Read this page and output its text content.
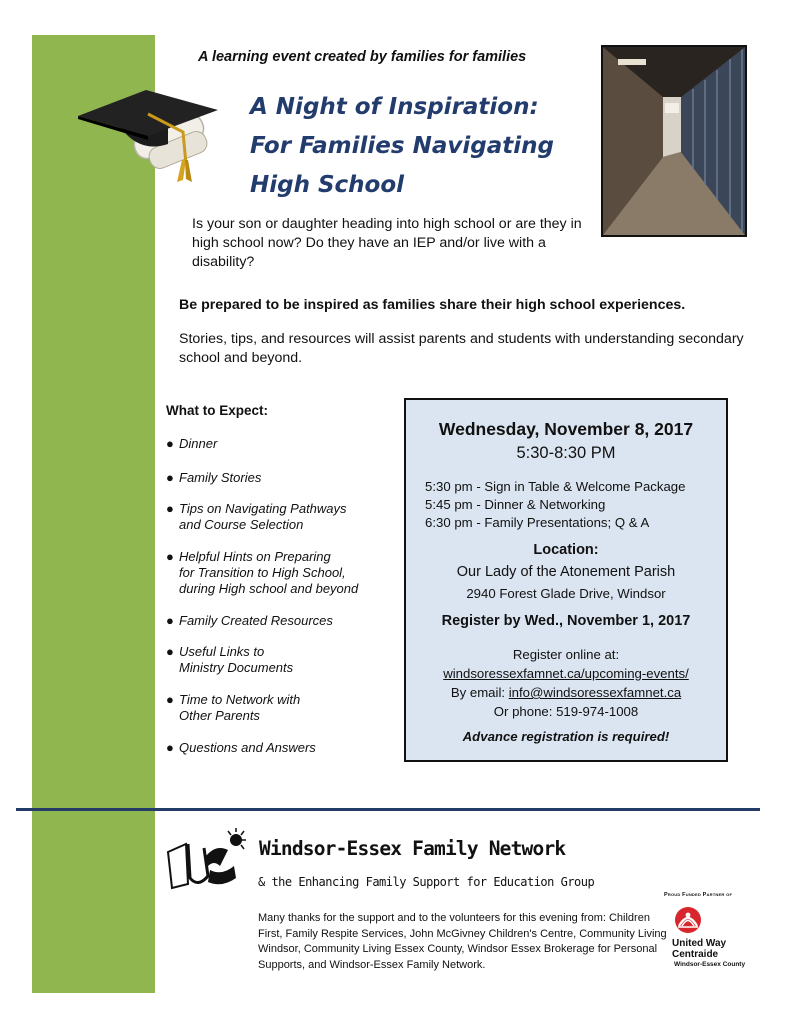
A learning event created by families for families
A Night of Inspiration:
For Families Navigating
High School
Is your son or daughter heading into high school or are they in high school now? Do they have an IEP and/or live with a disability?
Be prepared to be inspired as families share their high school experiences.
Stories, tips, and resources will assist parents and students with understanding secondary school and beyond.
What to Expect:
● Dinner
● Family Stories
● Tips on Navigating Pathways
and Course Selection
● Helpful Hints on Preparing
for Transition to High School,
during High school and beyond
● Family Created Resources
● Useful Links to
Ministry Documents
● Time to Network with
Other Parents
● Questions and Answers
Wednesday, November 8, 2017
5:30-8:30 PM
5:30 pm - Sign in Table & Welcome Package
5:45 pm - Dinner & Networking
6:30 pm - Family Presentations; Q & A
Location:
Our Lady of the Atonement Parish
2940 Forest Glade Drive, Windsor
Register by Wed., November 1, 2017
Register online at:
windsoressexfamnet.ca/upcoming-events/
By email: info@windsoressexfamnet.ca
Or phone: 519-974-1008
Advance registration is required!
Windsor-Essex Family Network
& the Enhancing Family Support for Education Group
Many thanks for the support and to the volunteers for this evening from: Children First, Family Respite Services, John McGivney Children's Centre, Community Living Windsor, Community Living Essex County, Windsor Essex Brokerage for Personal Supports, and Windsor-Essex Family Network.
Proud Funded Partner of
United Way
Centraide
Windsor-Essex County
